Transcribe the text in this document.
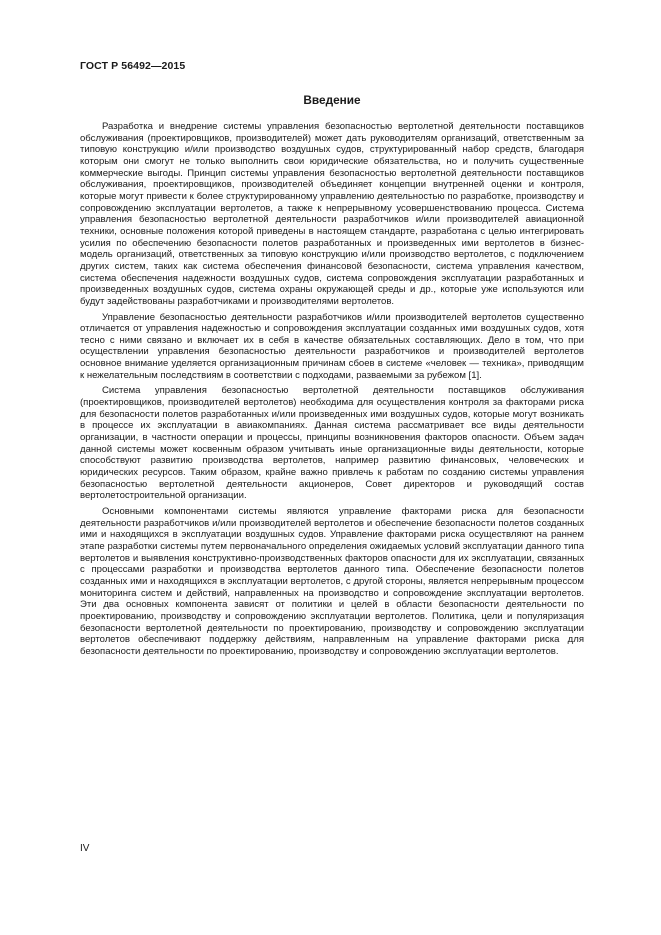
ГОСТ Р 56492—2015
Введение

Разработка и внедрение системы управления безопасностью вертолетной деятельности поставщиков обслуживания (проектировщиков, производителей) может дать руководителям организаций, ответственным за типовую конструкцию и/или производство воздушных судов, структурированный набор средств, благодаря которым они смогут не только выполнить свои юридические обязательства, но и получить существенные коммерческие выгоды. Принцип системы управления безопасностью вертолетной деятельности поставщиков обслуживания, проектировщиков, производителей объединяет концепции внутренней оценки и контроля, которые могут привести к более структурированному управлению деятельностью по разработке, производству и сопровождению эксплуатации вертолетов, а также к непрерывному усовершенствованию процесса. Система управления безопасностью вертолетной деятельности разработчиков и/или производителей авиационной техники, основные положения которой приведены в настоящем стандарте, разработана с целью интегрировать усилия по обеспечению безопасности полетов разработанных и произведенных ими вертолетов в бизнес-модель организаций, ответственных за типовую конструкцию и/или производство вертолетов, с подключением других систем, таких как система обеспечения финансовой безопасности, система управления качеством, система обеспечения надежности воздушных судов, система сопровождения эксплуатации разработанных и произведенных воздушных судов, система охраны окружающей среды и др., которые уже используются или будут задействованы разработчиками и производителями вертолетов.

Управление безопасностью деятельности разработчиков и/или производителей вертолетов существенно отличается от управления надежностью и сопровождения эксплуатации созданных ими воздушных судов, хотя тесно с ними связано и включает их в себя в качестве обязательных составляющих. Дело в том, что при осуществлении управления безопасностью деятельности разработчиков и производителей вертолетов основное внимание уделяется организационным причинам сбоев в системе «человек — техника», приводящим к нежелательным последствиям в соответствии с подходами, разваемыми за рубежом [1].

Система управления безопасностью вертолетной деятельности поставщиков обслуживания (проектировщиков, производителей вертолетов) необходима для осуществления контроля за факторами риска для безопасности полетов разработанных и/или произведенных ими воздушных судов, которые могут возникать в процессе их эксплуатации в авиакомпаниях. Данная система рассматривает все виды деятельности организации, в частности операции и процессы, принципы возникновения факторов опасности. Объем задач данной системы может косвенным образом учитывать иные организационные виды деятельности, которые способствуют развитию производства вертолетов, например развитию финансовых, человеческих и юридических ресурсов. Таким образом, крайне важно привлечь к работам по созданию системы управления безопасностью вертолетной деятельности акционеров, Совет директоров и руководящий состав вертолетостроительной организации.

Основными компонентами системы являются управление факторами риска для безопасности деятельности разработчиков и/или производителей вертолетов и обеспечение безопасности полетов созданных ими и находящихся в эксплуатации воздушных судов. Управление факторами риска осуществляют на раннем этапе разработки системы путем первоначального определения ожидаемых условий эксплуатации данного типа вертолетов и выявления конструктивно-производственных факторов опасности для их эксплуатации, связанных с процессами разработки и производства вертолетов данного типа. Обеспечение безопасности полетов созданных ими и находящихся в эксплуатации вертолетов, с другой стороны, является непрерывным процессом мониторинга систем и действий, направленных на производство и сопровождение эксплуатации вертолетов. Эти два основных компонента зависят от политики и целей в области безопасности деятельности по проектированию, производству и сопровождению эксплуатации вертолетов. Политика, цели и популяризация безопасности вертолетной деятельности по проектированию, производству и сопровождению эксплуатации вертолетов обеспечивают поддержку действиям, направленным на управление факторами риска для безопасности деятельности по проектированию, производству и сопровождению эксплуатации вертолетов.

IV
